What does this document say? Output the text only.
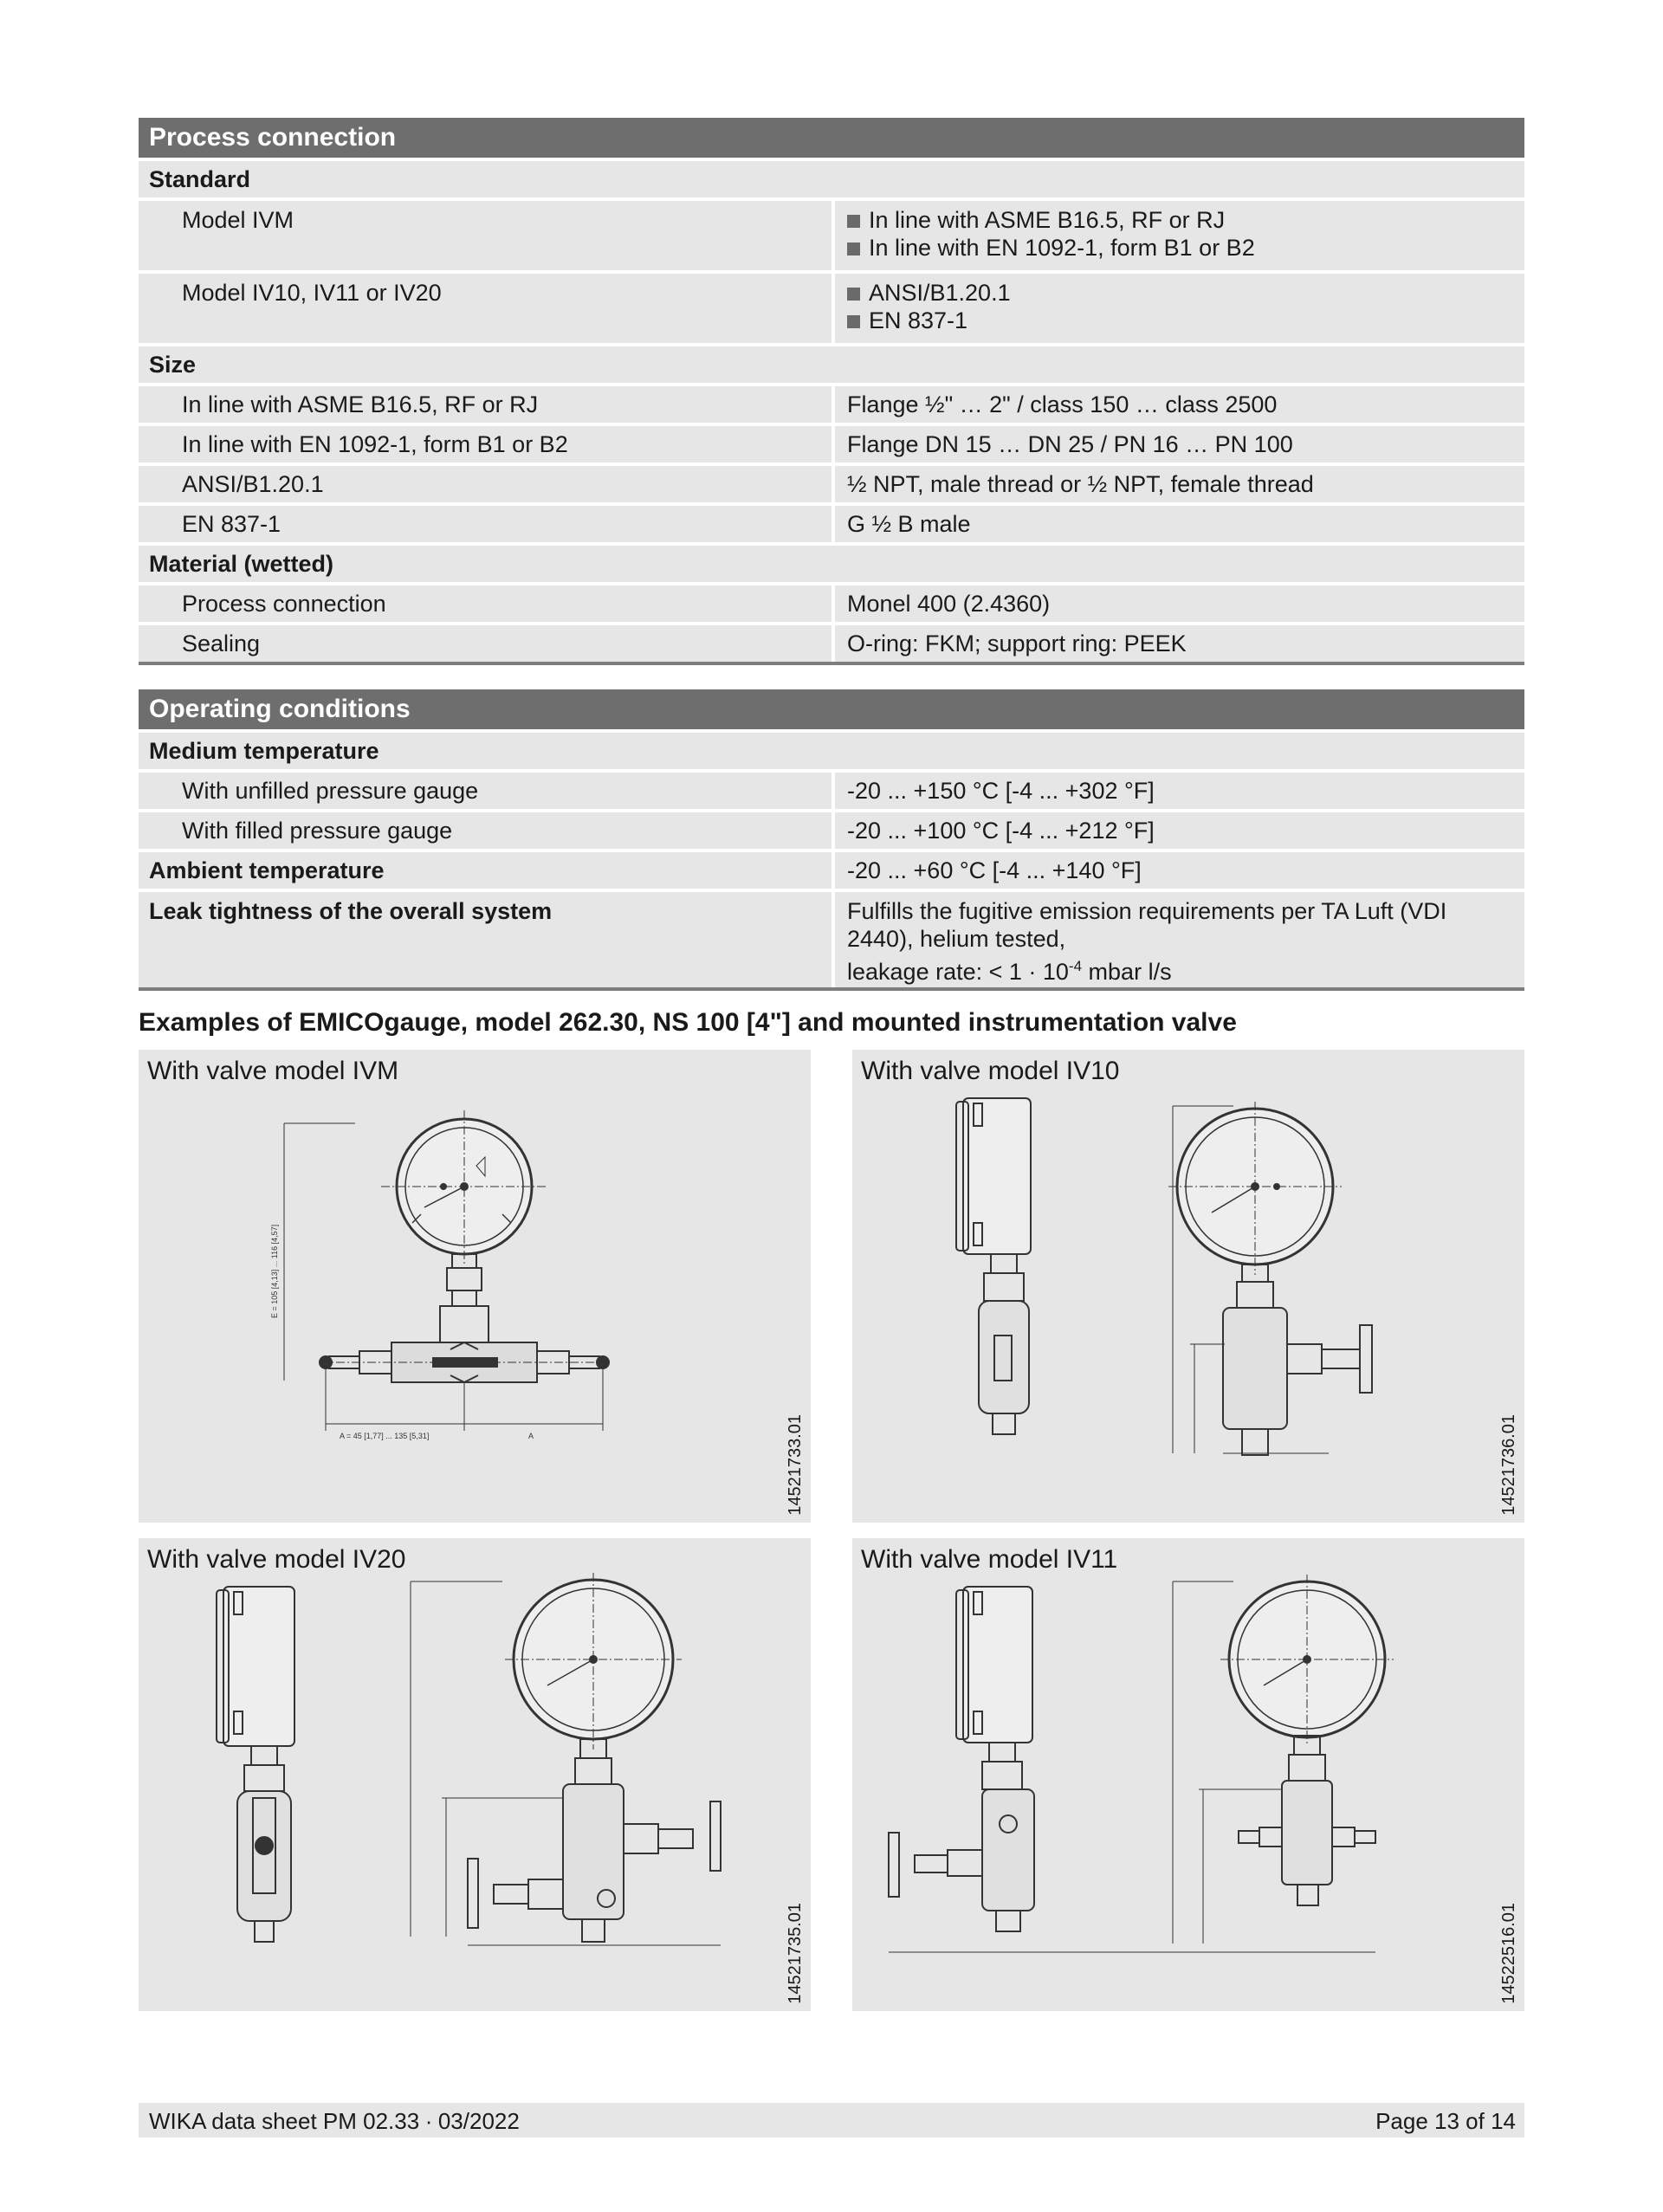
Process connection	
Standard	
Model IVM	In line with ASME B16.5, RF or RJ
In line with EN 1092-1, form B1 or B2

Model IV10, IV11 or IV20	ANSI/B1.20.1
EN 837-1

Size	
In line with ASME B16.5, RF or RJ	Flange ½" … 2" / class 150 … class 2500
In line with EN 1092-1, form B1 or B2	Flange DN 15 … DN 25 / PN 16 … PN 100
ANSI/B1.20.1	½ NPT, male thread or ½ NPT, female thread
EN 837-1	G ½ B male
Material (wetted)	
Process connection	Monel 400 (2.4360)
Sealing	O-ring: FKM; support ring: PEEK
Operating conditions	
Medium temperature	
With unfilled pressure gauge	-20 ... +150 °C [-4 ... +302 °F]
With filled pressure gauge	-20 ... +100 °C [-4 ... +212 °F]
Ambient temperature	-20 ... +60 °C [-4 ... +140 °F]
Leak tightness of the overall system	Fulfills the fugitive emission requirements per TA Luft (VDI 2440), helium tested,
leakage rate: < $1 \cdot 10^{-4}$ mbar l/s
Examples of EMICOgauge, model 262.30, NS 100 [4"] and mounted instrumentation valve
With valve model IVM
14521733.01
E = 105 [4,13] ... 116 [4,57]
A = 45 [1,77] ... 135 [5,31]	A
With valve model IV10
14521736.01
With valve model IV20
14521735.01
With valve model IV11
14522516.01
WIKA data sheet PM 02.33 ∙ 03/2022	Page 13 of 14
